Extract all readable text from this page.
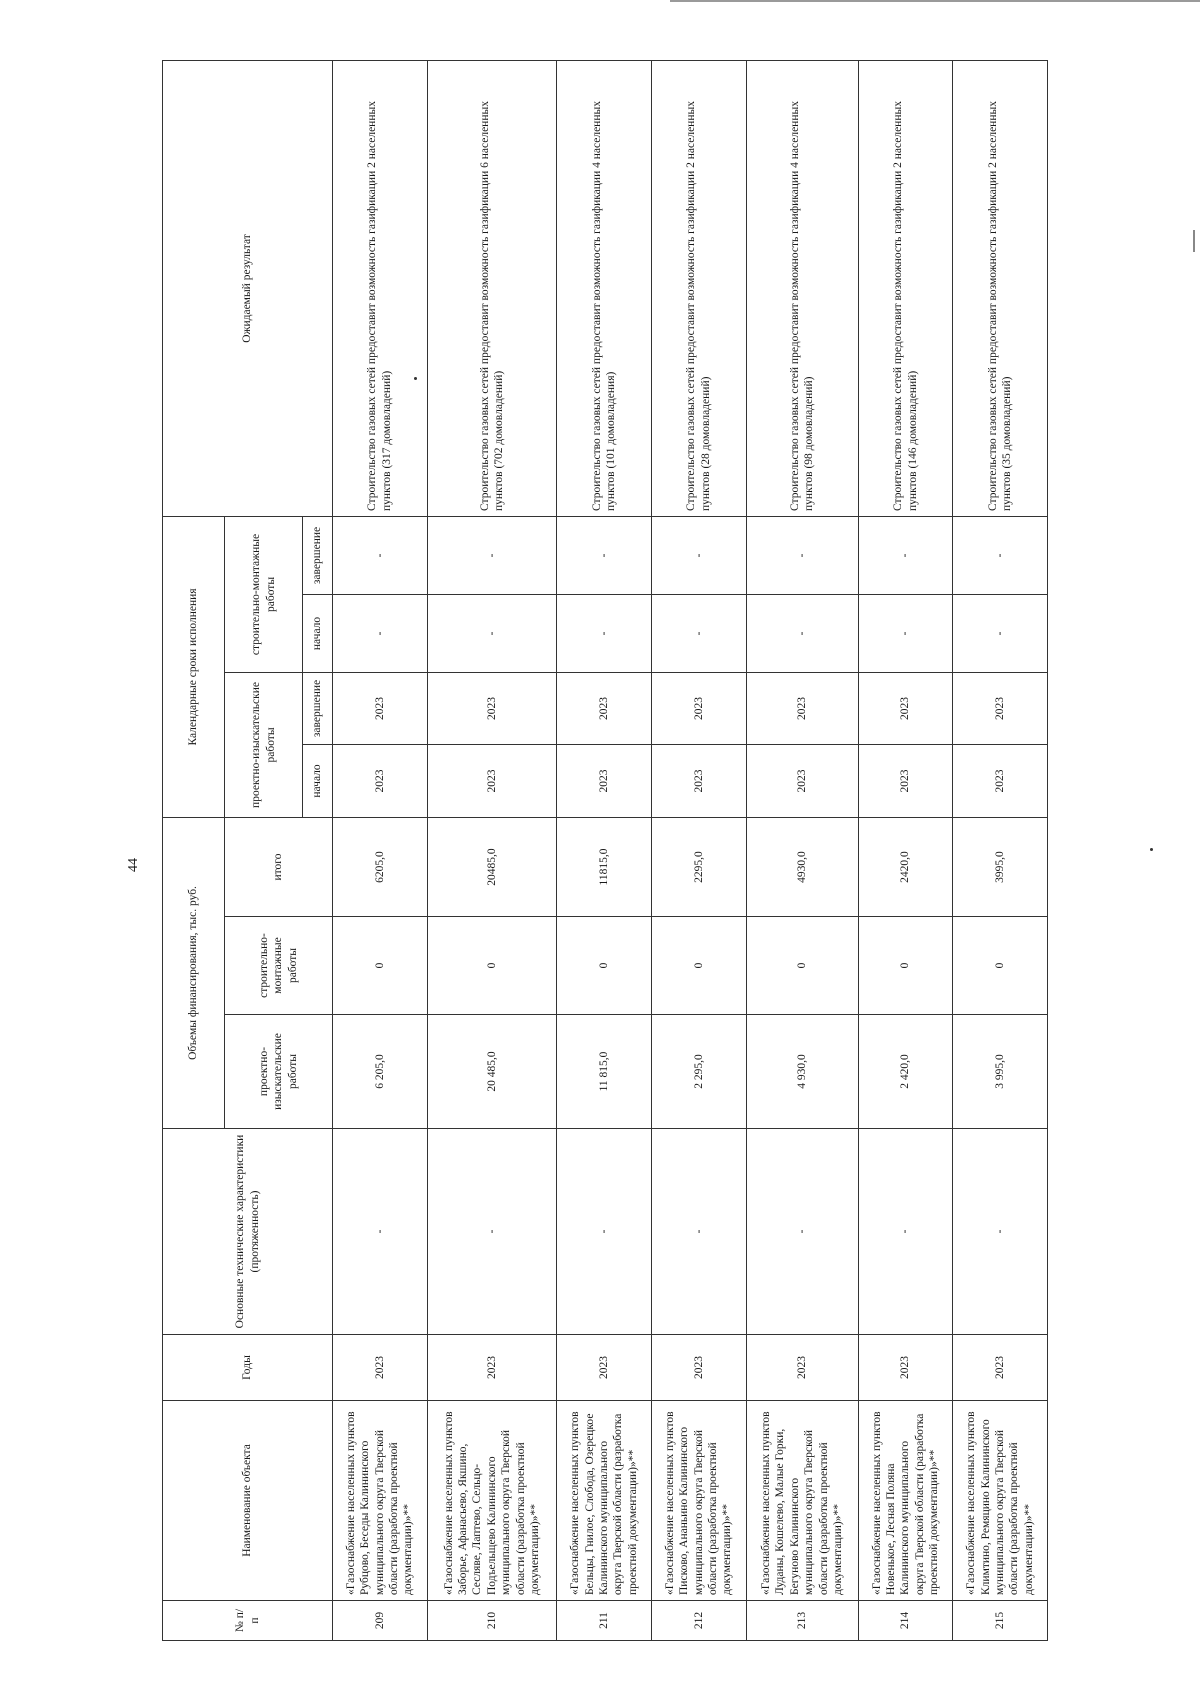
44
№ п/п	Наименование объекта	Годы	Основные технические характеристики (протяженность)	Объемы финансирования, тыс. руб.			Календарные сроки исполнения				Ожидаемый результат
				проектно-изыскательские работы	строительно-монтажные работы	итого	проектно-изыскательские работы		строительно-монтажные работы		
							начало	завершение	начало	завершение	
209	«Газоснабжение населенных пунктов Рубцово, Беседы Калининского муниципального округа Тверской области (разработка проектной документации)»**	2023	-	6 205,0	0	6205,0	2023	2023	-	-	Строительство газовых сетей предоставит возможность газификации 2 населенных пунктов (317 домовладений)
210	«Газоснабжение населенных пунктов Заборье, Афанасьево, Якшино, Сесляве, Лаптево, Сельцо-Подъельщево Калининского муниципального округа Тверской области (разработка проектной документации)»**	2023	-	20 485,0	0	20485,0	2023	2023	-	-	Строительство газовых сетей предоставит возможность газификации 6 населенных пунктов (702 домовладений)
211	«Газоснабжение населенных пунктов Бельцы, Гнилое, Слобода, Озерецкое Калининского муниципального округа Тверской области (разработка проектной документации)»**	2023	-	11 815,0	0	11815,0	2023	2023	-	-	Строительство газовых сетей предоставит возможность газификации 4 населенных пунктов (101 домовладения)
212	«Газоснабжение населенных пунктов Писково, Ананьино Калининского муниципального округа Тверской области (разработка проектной документации)»**	2023	-	2 295,0	0	2295,0	2023	2023	-	-	Строительство газовых сетей предоставит возможность газификации 2 населенных пунктов (28 домовладений)
213	«Газоснабжение населенных пунктов Луданы, Кошелево, Малые Горки, Бегуново Калининского муниципального округа Тверской области (разработка проектной документации)»**	2023	-	4 930,0	0	4930,0	2023	2023	-	-	Строительство газовых сетей предоставит возможность газификации 4 населенных пунктов (98 домовладений)
214	«Газоснабжение населенных пунктов Новенькое, Лесная Поляна Калининского муниципального округа Тверской области (разработка проектной документации)»**	2023	-	2 420,0	0	2420,0	2023	2023	-	-	Строительство газовых сетей предоставит возможность газификации 2 населенных пунктов (146 домовладений)
215	«Газоснабжение населенных пунктов Климтино, Ремяцино Калининского муниципального округа Тверской области (разработка проектной документации)»**	2023	-	3 995,0	0	3995,0	2023	2023	-	-	Строительство газовых сетей предоставит возможность газификации 2 населенных пунктов (35 домовладений)
